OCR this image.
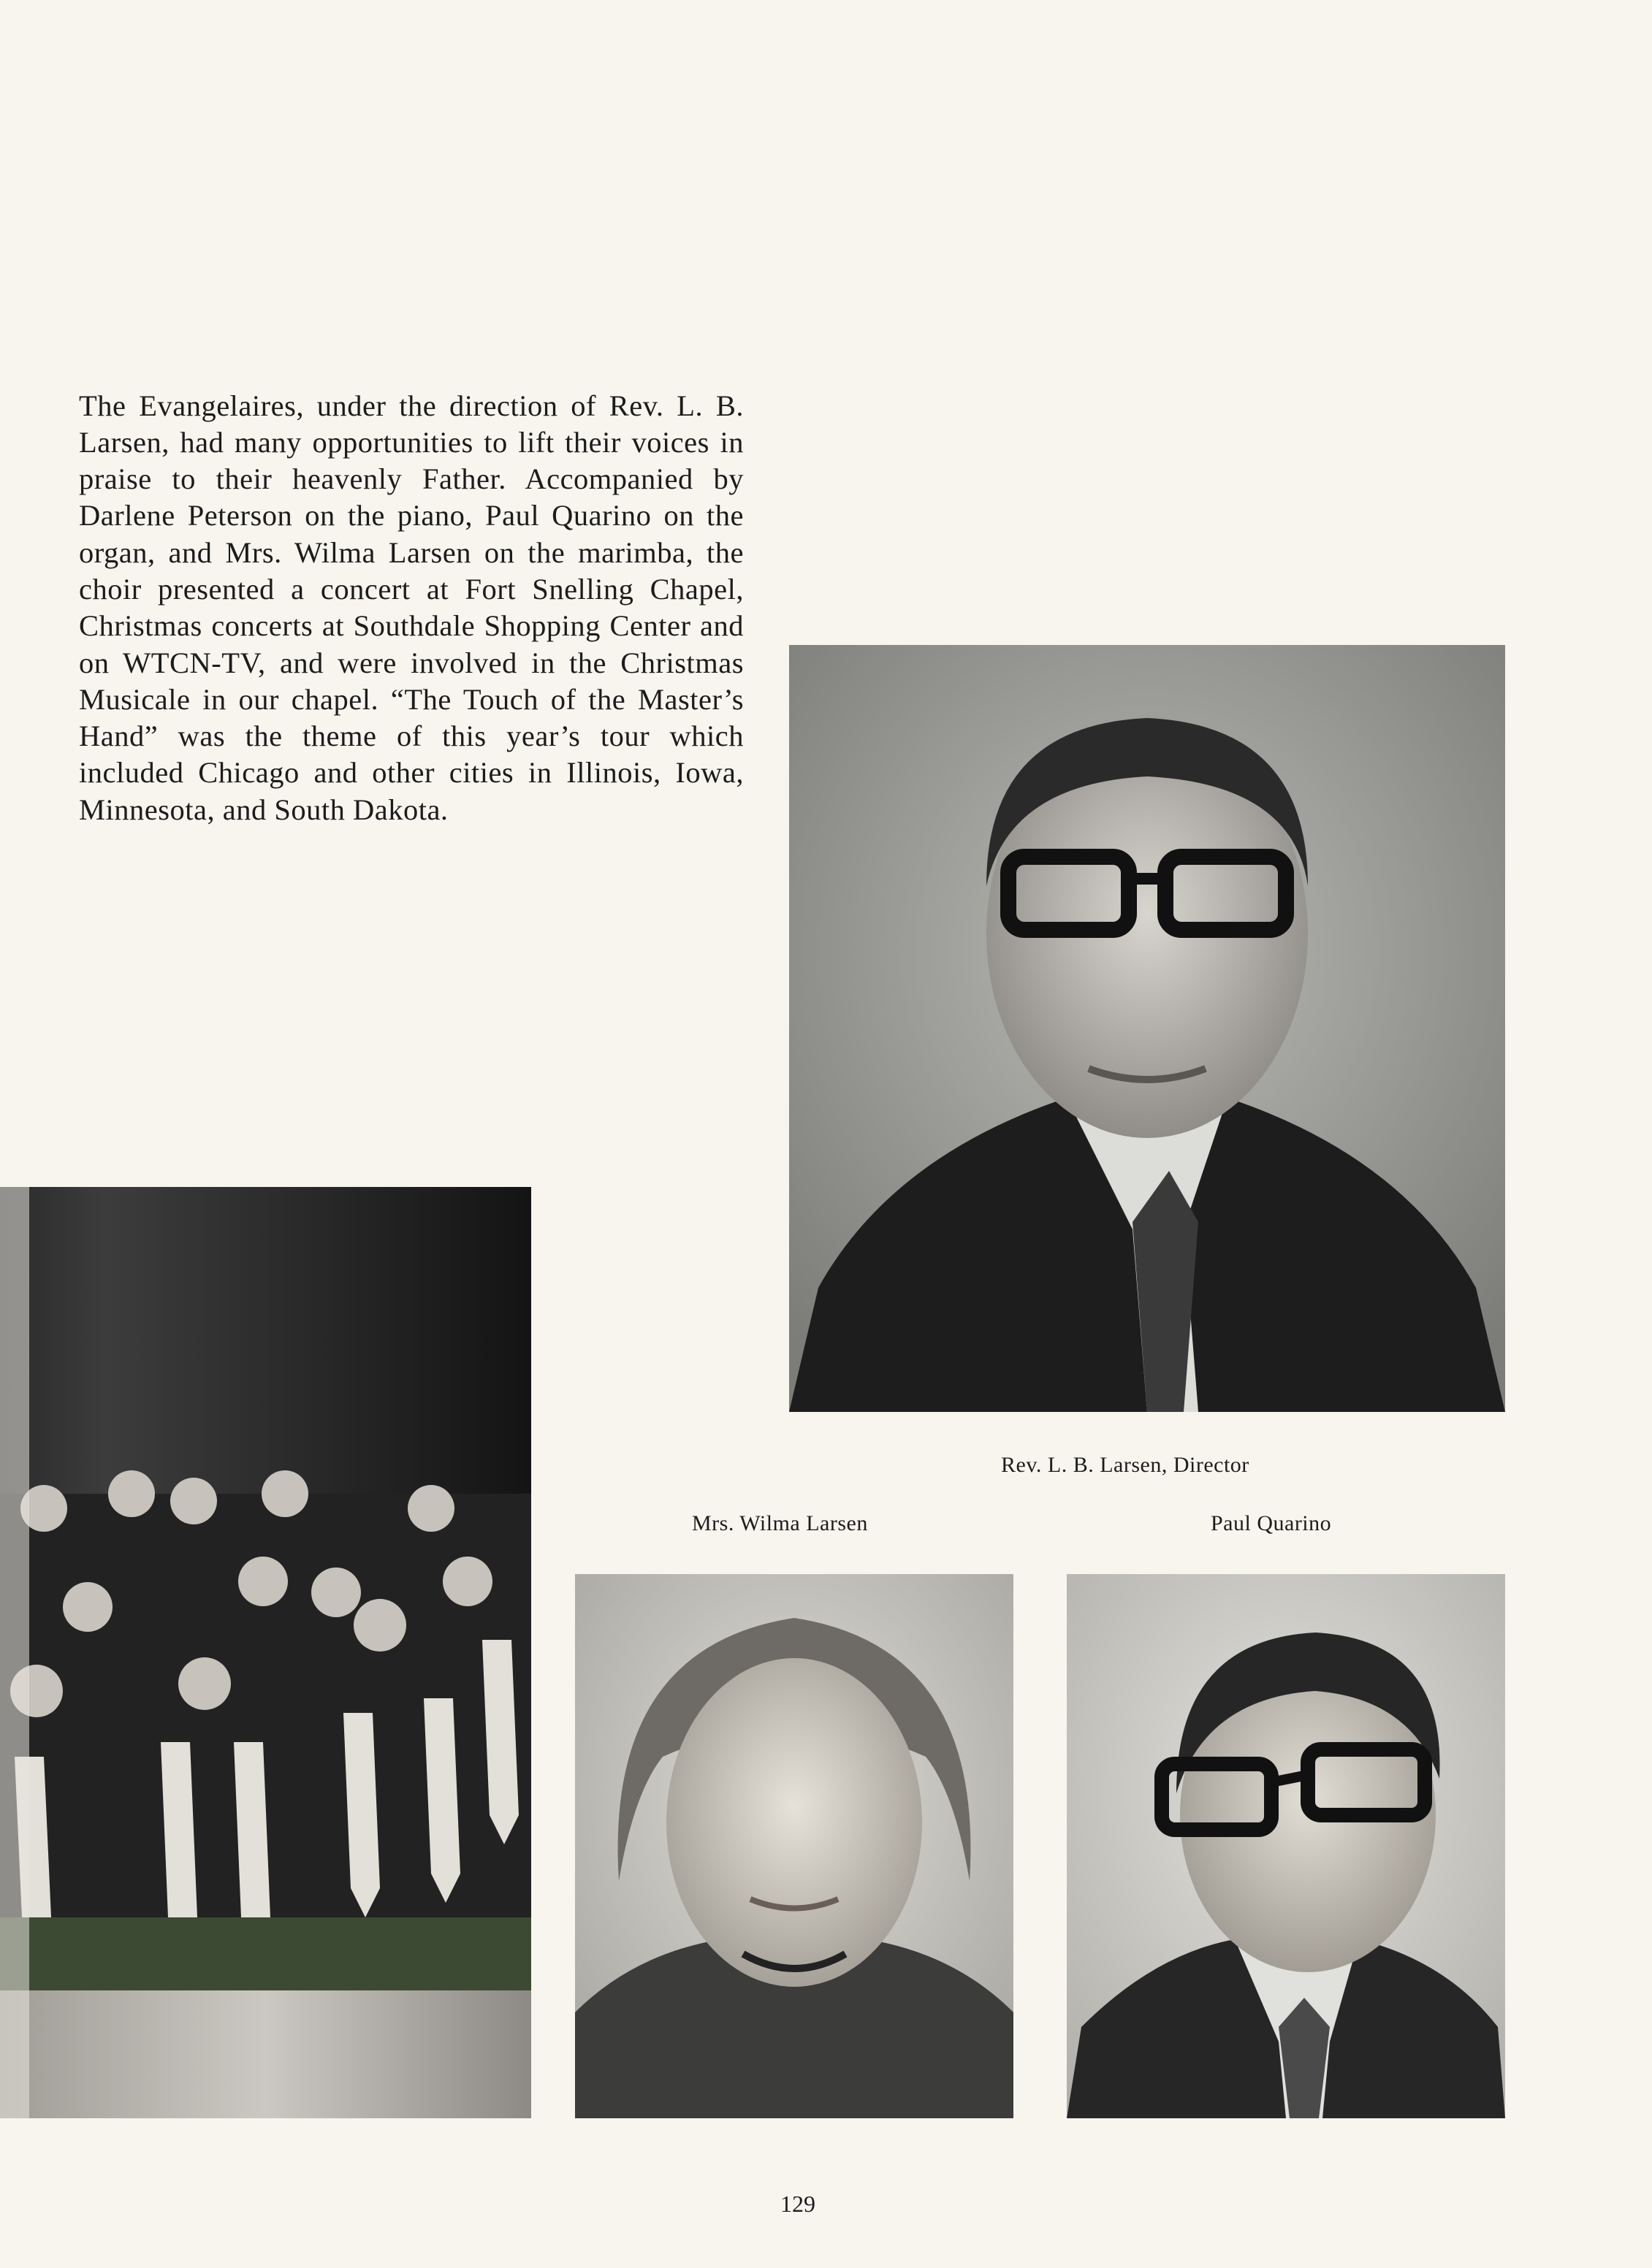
The Evangelaires, under the direction of Rev. L. B. Larsen, had many opportunities to lift their voices in praise to their heavenly Father. Accompanied by Darlene Peterson on the piano, Paul Quarino on the organ, and Mrs. Wilma Larsen on the marimba, the choir presented a concert at Fort Snelling Chapel, Christmas concerts at Southdale Shopping Center and on WTCN-TV, and were involved in the Christmas Musicale in our chapel. “The Touch of the Master’s Hand” was the theme of this year’s tour which included Chicago and other cities in Illinois, Iowa, Minnesota, and South Dakota.

Rev. L. B. Larsen, Director
Mrs. Wilma Larsen	Paul Quarino
129
